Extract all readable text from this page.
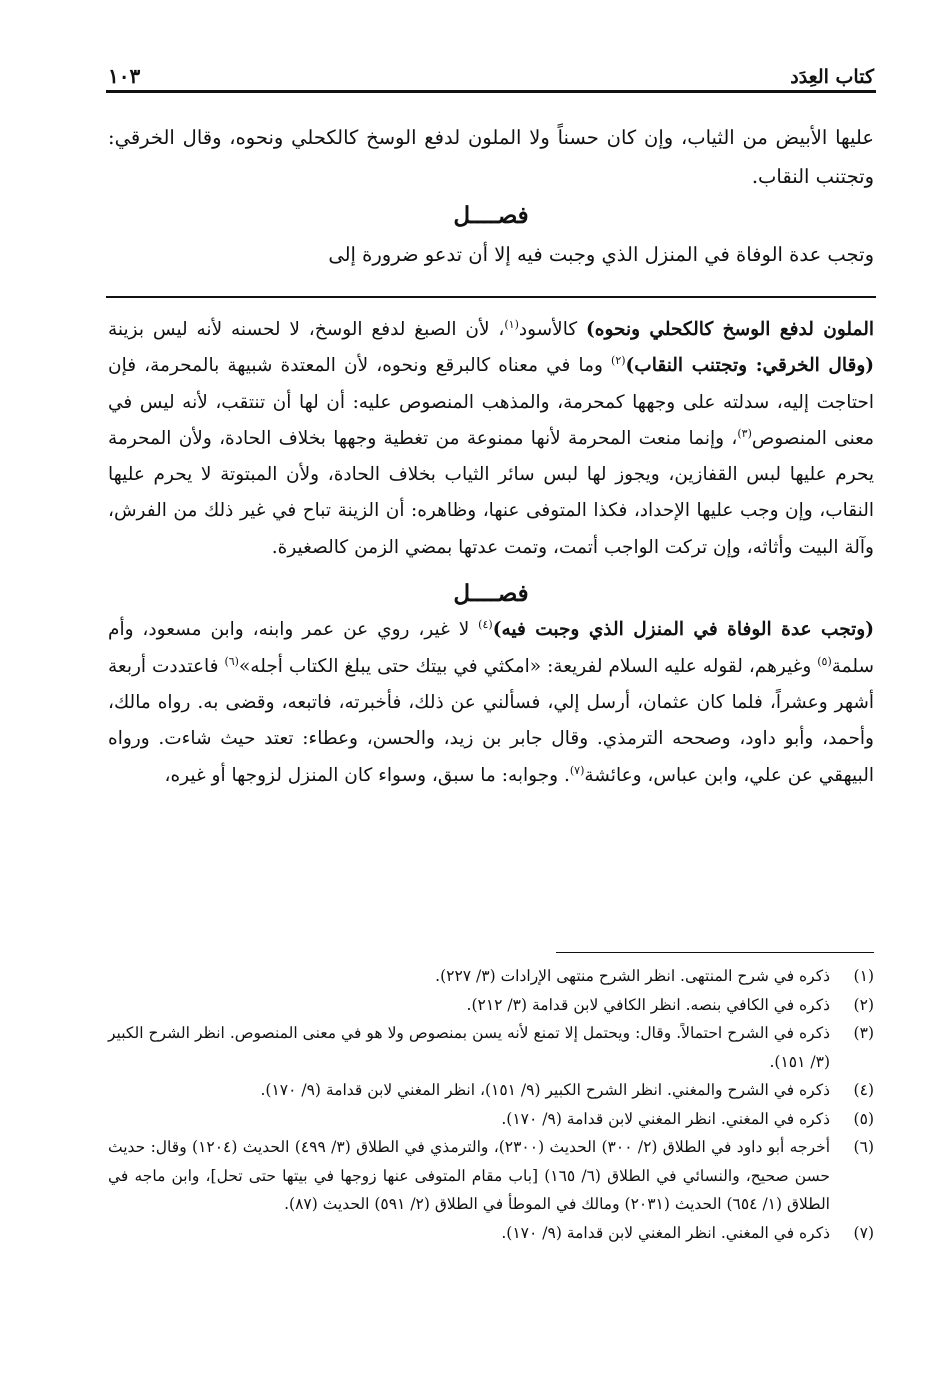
كتاب العِدَد
١٠٣

عليها الأبيض من الثياب، وإن كان حسناً ولا الملون لدفع الوسخ كالكحلي ونحوه، وقال الخرقي: وتجتنب النقاب.

فصــــل

وتجب عدة الوفاة في المنزل الذي وجبت فيه إلا أن تدعو ضرورة إلى

الملون لدفع الوسخ كالكحلي ونحوه) كالأسود$^{(١)}$، لأن الصبغ لدفع الوسخ، لا لحسنه لأنه ليس بزينة (وقال الخرقي: وتجتنب النقاب)$^{(٢)}$ وما في معناه كالبرقع ونحوه، لأن المعتدة شبيهة بالمحرمة، فإن احتاجت إليه، سدلته على وجهها كمحرمة، والمذهب المنصوص عليه: أن لها أن تنتقب، لأنه ليس في معنى المنصوص$^{(٣)}$، وإنما منعت المحرمة لأنها ممنوعة من تغطية وجهها بخلاف الحادة، ولأن المحرمة يحرم عليها لبس القفازين، ويجوز لها لبس سائر الثياب بخلاف الحادة، ولأن المبتوتة لا يحرم عليها النقاب، وإن وجب عليها الإحداد، فكذا المتوفى عنها، وظاهره: أن الزينة تباح في غير ذلك من الفرش، وآلة البيت وأثاثه، وإن تركت الواجب أتمت، وتمت عدتها بمضي الزمن كالصغيرة.

فصــــل

(وتجب عدة الوفاة في المنزل الذي وجبت فيه)$^{(٤)}$ لا غير، روي عن عمر وابنه، وابن مسعود، وأم سلمة$^{(٥)}$ وغيرهم، لقوله عليه السلام لفريعة: «امكثي في بيتك حتى يبلغ الكتاب أجله»$^{(٦)}$ فاعتددت أربعة أشهر وعشراً، فلما كان عثمان، أرسل إلي، فسألني عن ذلك، فأخبرته، فاتبعه، وقضى به. رواه مالك، وأحمد، وأبو داود، وصححه الترمذي. وقال جابر بن زيد، والحسن، وعطاء: تعتد حيث شاءت. ورواه البيهقي عن علي، وابن عباس، وعائشة$^{(٧)}$. وجوابه: ما سبق، وسواء كان المنزل لزوجها أو غيره،

(١)
ذكره في شرح المنتهى. انظر الشرح منتهى الإرادات (٣/ ٢٢٧).
(٢)
ذكره في الكافي بنصه. انظر الكافي لابن قدامة (٣/ ٢١٢).
(٣)
ذكره في الشرح احتمالاً. وقال: ويحتمل إلا تمنع لأنه يسن بمنصوص ولا هو في معنى المنصوص. انظر الشرح الكبير (٣/ ١٥١).
(٤)
ذكره في الشرح والمغني. انظر الشرح الكبير (٩/ ١٥١)، انظر المغني لابن قدامة (٩/ ١٧٠).
(٥)
ذكره في المغني. انظر المغني لابن قدامة (٩/ ١٧٠).
(٦)
أخرجه أبو داود في الطلاق (٢/ ٣٠٠) الحديث (٢٣٠٠)، والترمذي في الطلاق (٣/ ٤٩٩) الحديث (١٢٠٤) وقال: حديث حسن صحيح، والنسائي في الطلاق (٦/ ١٦٥) [باب مقام المتوفى عنها زوجها في بيتها حتى تحل]، وابن ماجه في الطلاق (١/ ٦٥٤) الحديث (٢٠٣١) ومالك في الموطأ في الطلاق (٢/ ٥٩١) الحديث (٨٧).
(٧)
ذكره في المغني. انظر المغني لابن قدامة (٩/ ١٧٠).
